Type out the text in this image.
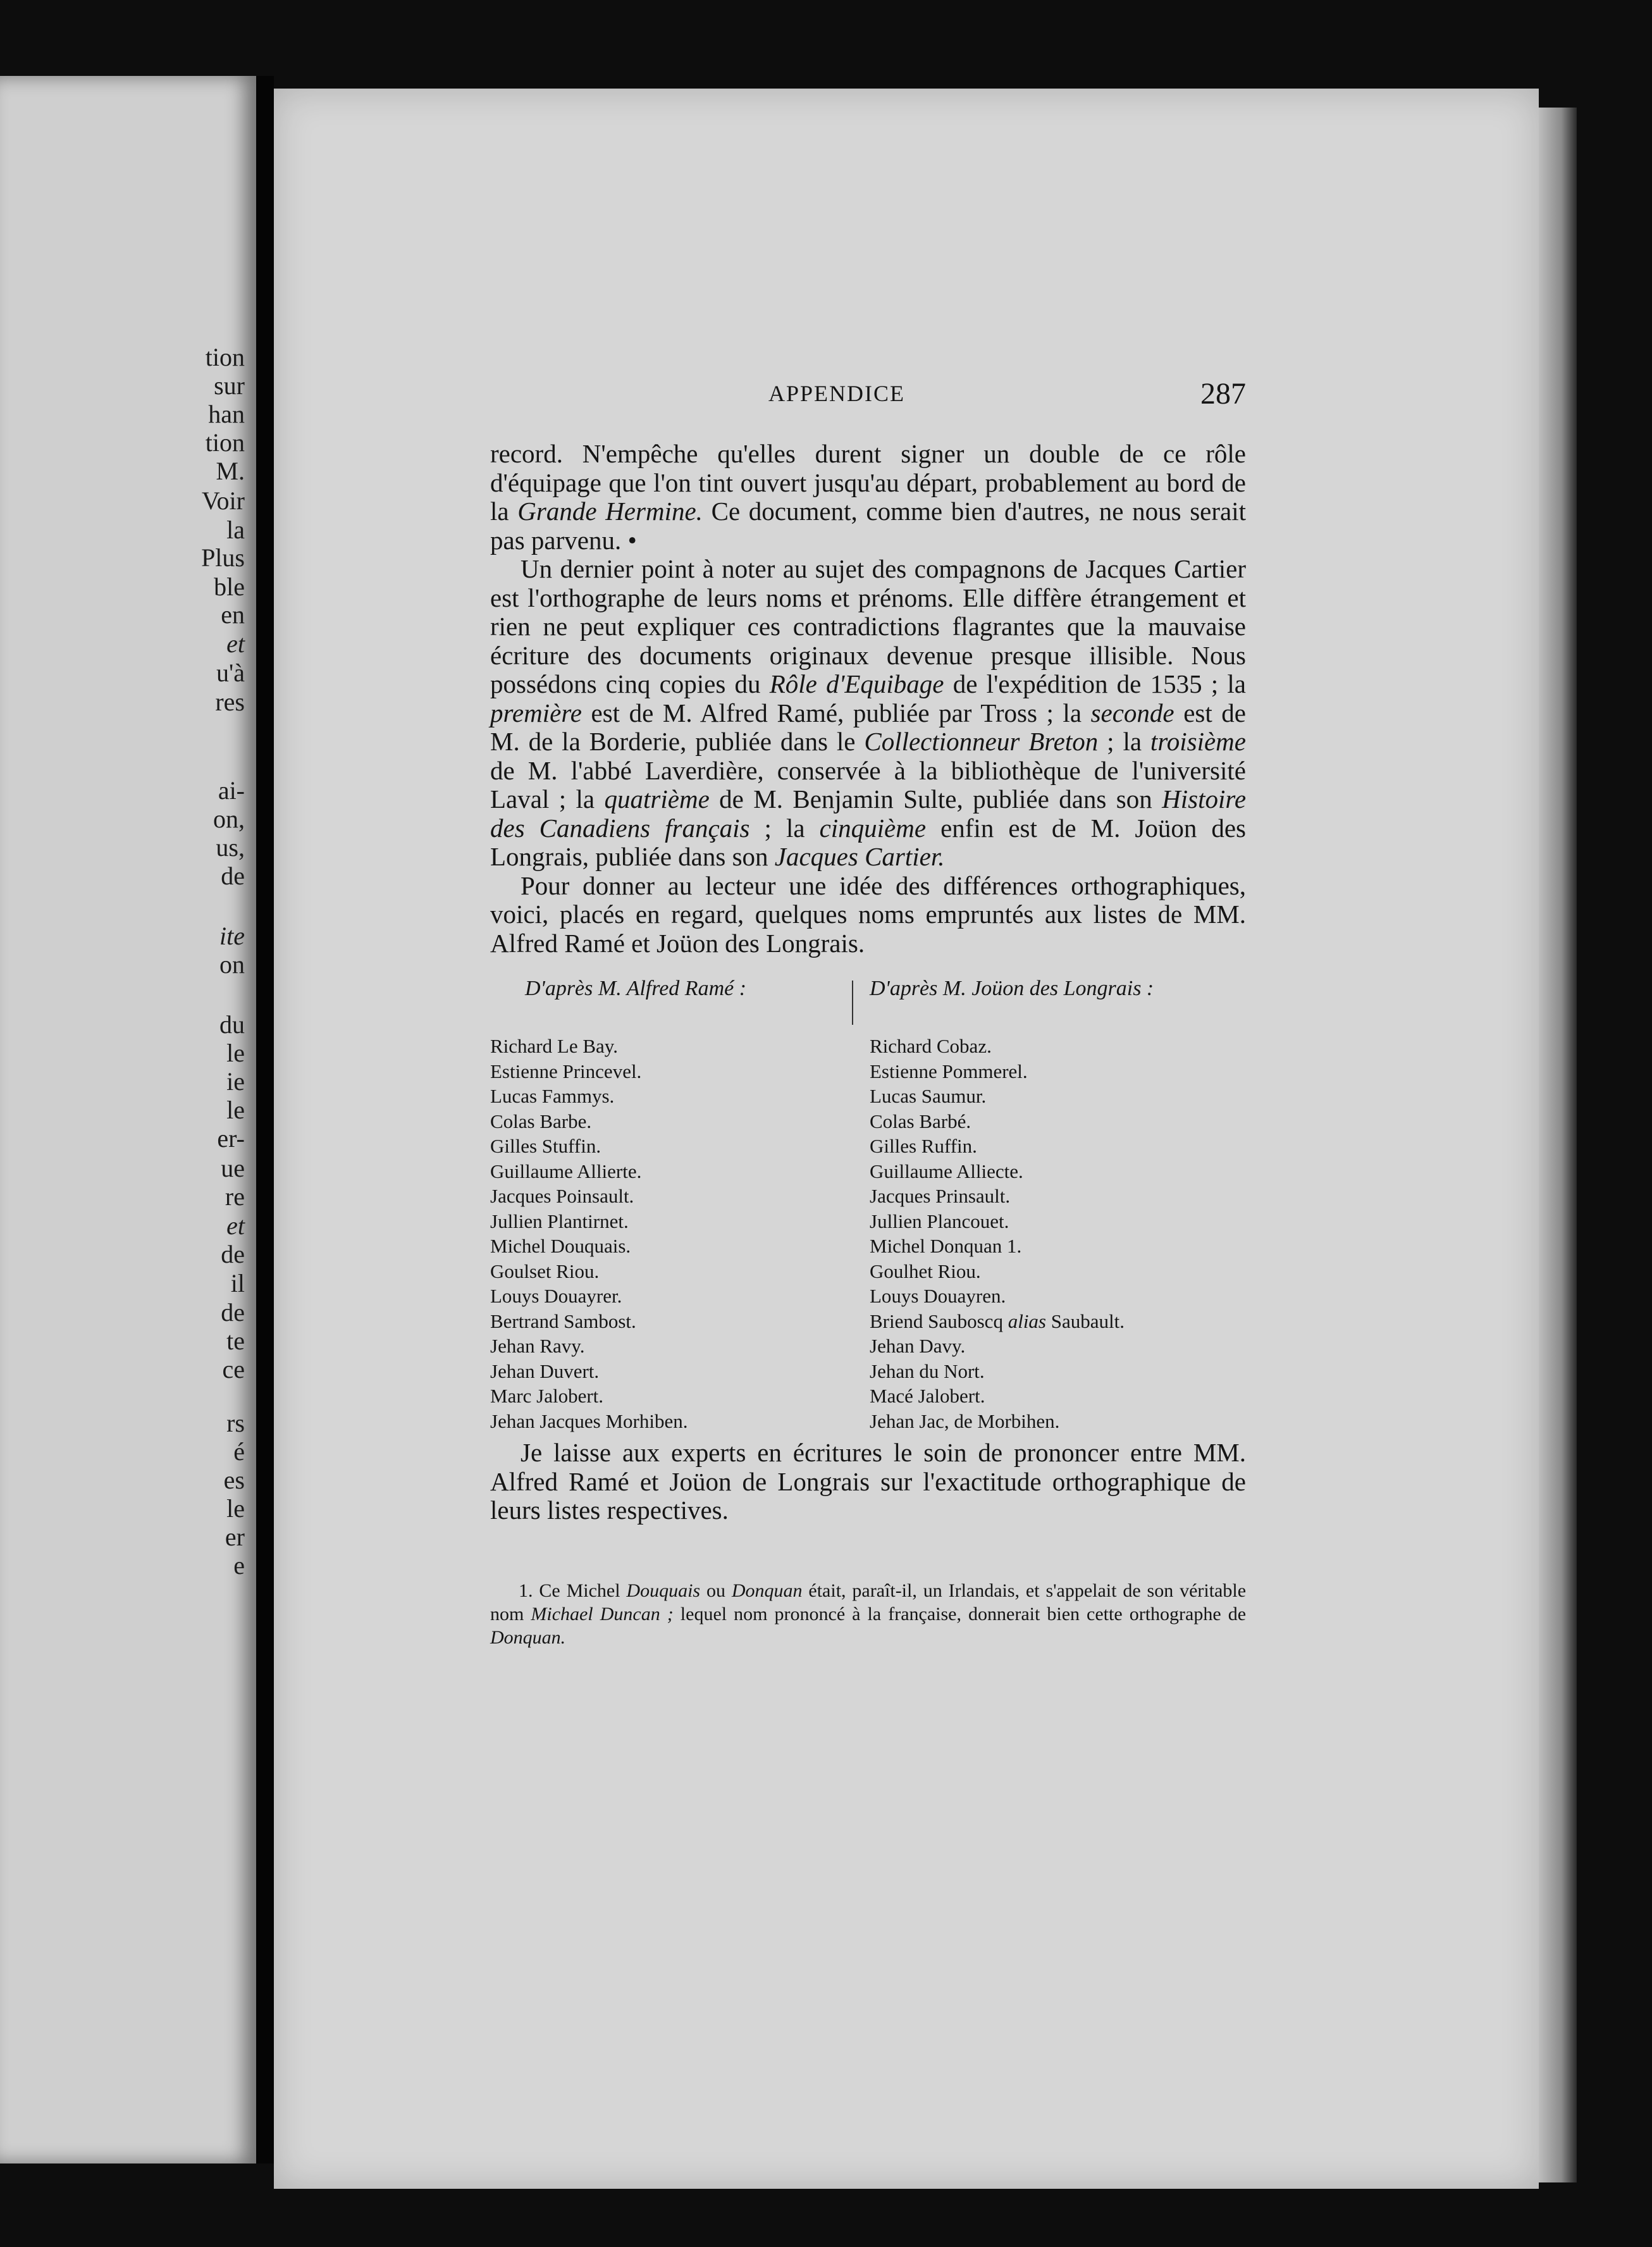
tion
sur
han
tion
M.
Voir
la
Plus
ble
en
et
u'à
res
ai-
on,
us,
de
ite
on
du
le
ie
le
er-
ue
re
et
de
il
de
te
ce
rs
é
es
le
er
e
APPENDICE	287

record. N'empêche qu'elles durent signer un double de ce rôle d'équipage que l'on tint ouvert jusqu'au départ, probablement au bord de la Grande Hermine. Ce document, comme bien d'autres, ne nous serait pas parvenu. •

Un dernier point à noter au sujet des compagnons de Jacques Cartier est l'orthographe de leurs noms et prénoms. Elle diffère étrangement et rien ne peut expliquer ces contradictions flagrantes que la mauvaise écriture des documents originaux devenue presque illisible. Nous possédons cinq copies du Rôle d'Equibage de l'expédition de 1535 ; la première est de M. Alfred Ramé, publiée par Tross ; la seconde est de M. de la Borderie, publiée dans le Collectionneur Breton ; la troisième de M. l'abbé Laverdière, conservée à la bibliothèque de l'université Laval ; la quatrième de M. Benjamin Sulte, publiée dans son Histoire des Canadiens français ; la cinquième enfin est de M. Joüon des Longrais, publiée dans son Jacques Cartier.

Pour donner au lecteur une idée des différences orthographiques, voici, placés en regard, quelques noms empruntés aux listes de MM. Alfred Ramé et Joüon des Longrais.

D'après M. Alfred Ramé :	D'après M. Joüon des Longrais :
Richard Le Bay.
Estienne Princevel.
Lucas Fammys.
Colas Barbe.
Gilles Stuffin.
Guillaume Allierte.
Jacques Poinsault.
Jullien Plantirnet.
Michel Douquais.
Goulset Riou.
Louys Douayrer.
Bertrand Sambost.
Jehan Ravy.
Jehan Duvert.
Marc Jalobert.
Jehan Jacques Morhiben.
Richard Cobaz.
Estienne Pommerel.
Lucas Saumur.
Colas Barbé.
Gilles Ruffin.
Guillaume Alliecte.
Jacques Prinsault.
Jullien Plancouet.
Michel Donquan 1.
Goulhet Riou.
Louys Douayren.
Briend Sauboscq alias Saubault.
Jehan Davy.
Jehan du Nort.
Macé Jalobert.
Jehan Jac, de Morbihen.

Je laisse aux experts en écritures le soin de prononcer entre MM. Alfred Ramé et Joüon de Longrais sur l'exactitude orthographique de leurs listes respectives.

1. Ce Michel Douquais ou Donquan était, paraît-il, un Irlandais, et s'appelait de son véritable nom Michael Duncan ; lequel nom prononcé à la française, donnerait bien cette orthographe de Donquan.
